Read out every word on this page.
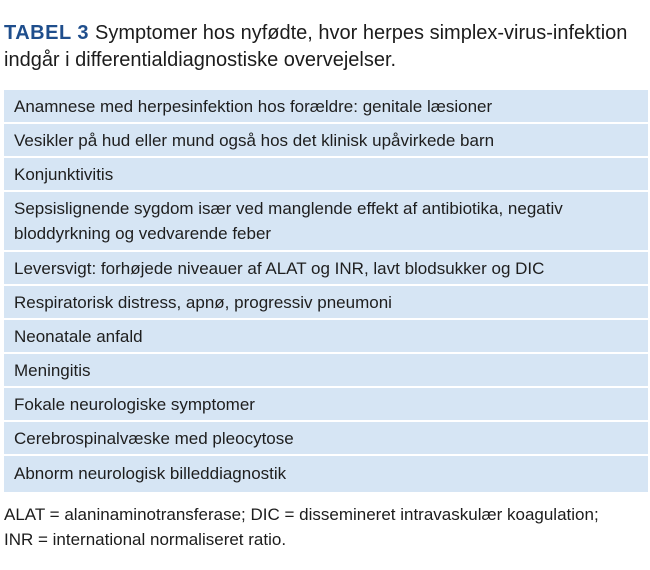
TABEL 3 Symptomer hos nyfødte, hvor herpes simplex-virus-infektion indgår i differentialdiagnostiske overvejelser.
Anamnese med herpesinfektion hos forældre: genitale læsioner
Vesikler på hud eller mund også hos det klinisk upåvirkede barn
Konjunktivitis
Sepsislignende sygdom især ved manglende effekt af antibiotika, negativ bloddyrkning og vedvarende feber
Leversvigt: forhøjede niveauer af ALAT og INR, lavt blodsukker og DIC
Respiratorisk distress, apnø, progressiv pneumoni
Neonatale anfald
Meningitis
Fokale neurologiske symptomer
Cerebrospinalvæske med pleocytose
Abnorm neurologisk billeddiagnostik
ALAT = alaninaminotransferase; DIC = dissemineret intravaskulær koagulation; INR = international normaliseret ratio.
